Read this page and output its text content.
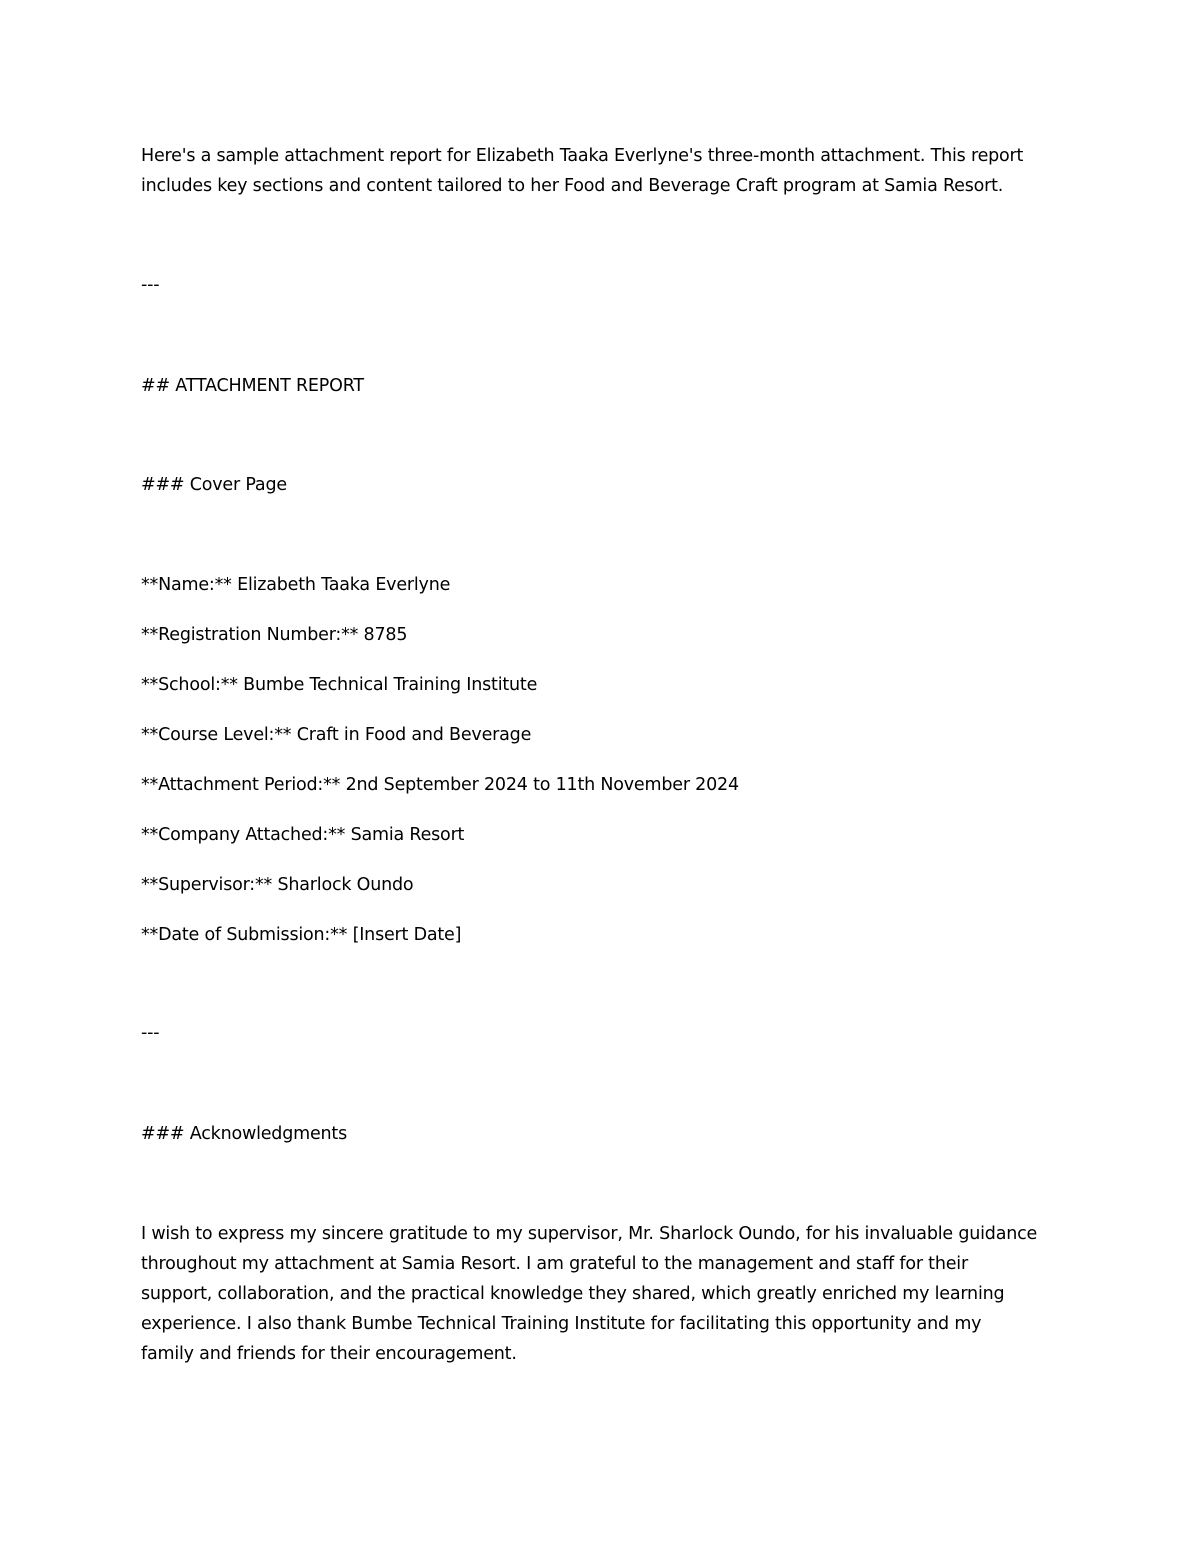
Here's a sample attachment report for Elizabeth Taaka Everlyne's three-month attachment. This report
includes key sections and content tailored to her Food and Beverage Craft program at Samia Resort.
---
## ATTACHMENT REPORT
### Cover Page
**Name:** Elizabeth Taaka Everlyne
**Registration Number:** 8785
**School:** Bumbe Technical Training Institute
**Course Level:** Craft in Food and Beverage
**Attachment Period:** 2nd September 2024 to 11th November 2024
**Company Attached:** Samia Resort
**Supervisor:** Sharlock Oundo
**Date of Submission:** [Insert Date]
---
### Acknowledgments
I wish to express my sincere gratitude to my supervisor, Mr. Sharlock Oundo, for his invaluable guidance
throughout my attachment at Samia Resort. I am grateful to the management and staff for their
support, collaboration, and the practical knowledge they shared, which greatly enriched my learning
experience. I also thank Bumbe Technical Training Institute for facilitating this opportunity and my
family and friends for their encouragement.
